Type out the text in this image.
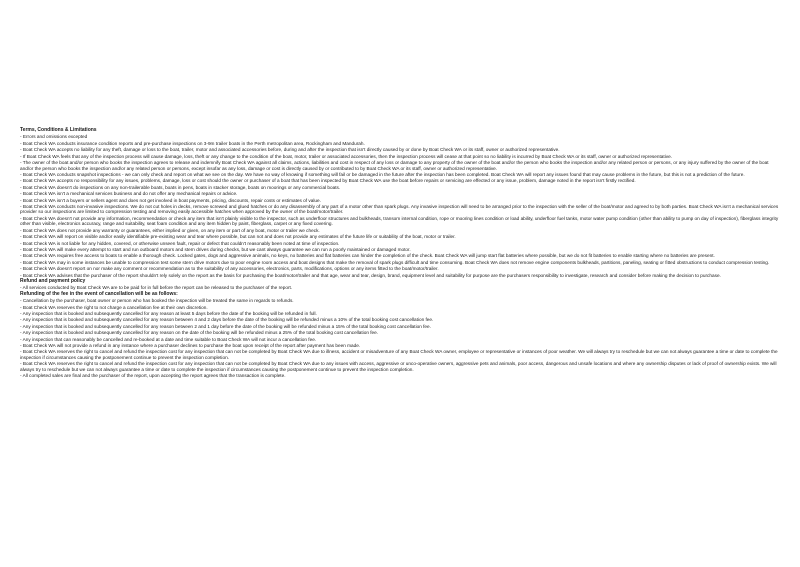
Terms, Conditions & Limitations

- Errors and omissions excepted

- Boat Check WA conducts insurance condition reports and pre-purchase inspections on 3-9m trailer boats in the Perth metropolitan area, Rockingham and Mandurah.

- Boat Check WA accepts no liability for any theft, damage or loss to the boat, trailer, motor and associated accessories before, during and after the inspection that isn't directly caused by or done by Boat Check WA or its staff, owner or authorized representative.

- If Boat Check WA feels that any of the inspection process will cause damage, loss, theft or any change to the condition of the boat, motor, trailer or associated accessories, then the inspection process will cease at that point so no liability is incurred by Boat Check WA or its staff, owner or authorized representative.

- The owner of the boat and/or person who books the inspection agrees to release and indemnify Boat Check WA against all claims, actions, liabilities and cost in respect of any loss or damage to any property of the owner of the boat and/or the person who books the inspection and/or any related person or persons, or any injury suffered by the owner of the boat and/or the person who books the inspection and/or any related person or persons, except insofar as any loss, damage or cost is directly caused by or contributed to by Boat Check WA or its staff, owner or authorized representative.

- Boat Check WA conducts snapshot inspections - we can only check and report on what we see on the day. We have no way of knowing if something will fail or be damaged in the future after the inspection has been completed. Boat Check WA will report any issues found that may cause problems in the future, but this is not a prediction of the future.

- Boat Check WA accepts no responsibility for any issues, problems, damage, loss or cost should the owner or purchaser of a boat that has been inspected by Boat Check WA use the boat before repairs or servicing are effected or any issue, problem, damage noted in the report isn't firstly rectified.

- Boat Check WA doesn't do inspections on any non-trailerable boats, boats in pens, boats in stacker storage, boats on moorings or any commercial boats.

- Boat Check WA isn't a mechanical services business and do not offer any mechanical repairs or advice.

- Boat Check WA isn't a buyers or sellers agent and does not get involved in boat payments, pricing, discounts, repair costs or estimates of value.

- Boat Check WA conducts non-invasive inspections. We do not cut holes in decks, remove screwed and glued hatches or do any disassembly of any part of a motor other than spark plugs. Any invasive inspection will need to be arranged prior to the inspection with the seller of the boat/motor and agreed to by both parties. Boat Check WA isn't a mechanical services provider so our inspections are limited to compression testing and removing easily accessible hatches when approved by the owner of the boat/motor/trailer.

- Boat Check WA doesn't not provide any information, recommendation or check any item that isn't plainly visible to the inspector, such as underfloor structures and bulkheads, transom internal condition, rope or mooring lines condition or load ability, underfloor fuel tanks, motor water pump condition (other than ability to pump on day of inspection), fiberglass integrity other than visible, electronics accuracy, range and suitability, seat foam condition and any item hidden by paint, fiberglass, carpet or any fixed covering.

- Boat Check WA does not provide any warranty or guarantees, either implied or given, on any item or part of any boat, motor or trailer we check.

- Boat Check WA will report on visible and/or easily identifiable pre-existing wear and tear where possible, but can not and does not provide any estimates of the future life or suitability of the boat, motor or trailer.

- Boat Check WA is not liable for any hidden, covered, or otherwise unseen fault, repair or defect that couldn't reasonably been noted at time of inspection.

- Boat Check WA will make every attempt to start and run outboard motors and stern drives during checks, but we cant always guarantee we can run a poorly maintained or damaged motor.

- Boat Check WA requires free access to boats to enable a thorough check. Locked gates, dogs and aggressive animals, no keys, no batteries and flat batteries can hinder the completion of the check. Boat Check WA will jump start flat batteries where possible, but we do not fit batteries to enable starting where no batteries are present.

- Boat Check WA may in some instances be unable to compression test some stern drive motors due to poor engine room access and boat designs that make the removal of spark plugs difficult and time consuming. Boat Check WA does not remove engine components bulkheads, partitions, paneling, seating or fitted obstructions to conduct compression testing.

- Boat Check WA doesn't report on nor make any comment or recommendation as to the suitability of any accessories, electronics, parts, modifications, options or any items fitted to the boat/motor/trailer.

- Boat Check WA advises that the purchaser of the report shouldn't rely solely on the report as the basis for purchasing the boat/motor/trailer and that age, wear and tear, design, brand, equipment level and suitability for purpose are the purchasers responsibility to investigate, research and consider before making the decision to purchase.

Refund and payment policy

- All services conducted by Boat Check WA are to be paid for in full before the report can be released to the purchaser of the report.

Refunding of the fee in the event of cancellation will be as follows:

- Cancellation by the purchaser, boat owner or person who has booked the inspection will be treated the same in regards to refunds.

- Boat Check WA reserves the right to not charge a cancellation fee at their own discretion.

- Any inspection that is booked and subsequently cancelled for any reason at least 5 days before the date of the booking will be refunded in full.

- Any inspection that is booked and subsequently cancelled for any reason between 4 and 2 days before the date of the booking will be refunded minus a 10% of the total booking cost cancellation fee.

- Any inspection that is booked and subsequently cancelled for any reason between 2 and 1 day before the date of the booking will be refunded minus a 15% of the total booking cost cancellation fee.

- Any inspection that is booked and subsequently cancelled for any reason on the date of the booking will be refunded minus a 25% of the total booking cost cancellation fee.

- Any inspection that can reasonably be cancelled and re-booked at a date and time suitable to Boat Check WA will not incur a cancellation fee.

- Boat Check WA will not provide a refund in any instance where a purchaser declines to purchase the boat upon receipt of the report after payment has been made.

- Boat Check WA reserves the right to cancel and refund the inspection cost for any inspection that can not be completed by Boat Check WA due to illness, accident or misadventure of any Boat Check WA owner, employee or representative or instances of poor weather. We will always try to reschedule but we can not always guarantee a time or date to complete the inspection if circumstances causing the postponement continue to prevent the inspection completion.

- Boat Check WA reserves the right to cancel and refund the inspection cost for any inspection that can not be completed by Boat Check WA due to any issues with access, aggressive or unco-operative owners, aggressive pets and animals, poor access, dangerous and unsafe locations and where any ownership disputes or lack of proof of ownership exists. We will always try to reschedule but we can not always guarantee a time or date to complete the inspection if circumstances causing the postponement continue to prevent the inspection completion.

- All completed sales are final and the purchaser of the report, upon accepting the report agrees that the transaction is complete.
